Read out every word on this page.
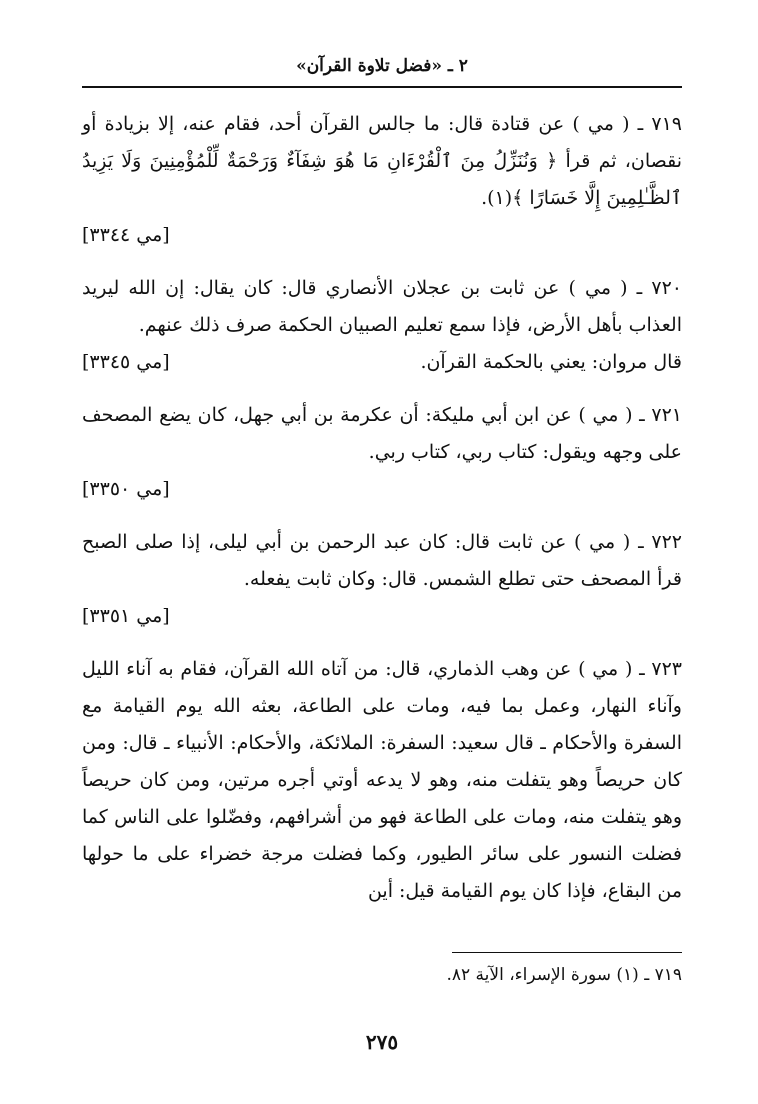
٢ ـ «فضل تلاوة القرآن»

٧١٩ ـ ( مي ) عن قتادة قال: ما جالس القرآن أحد، فقام عنه، إلا بزيادة أو نقصان، ثم قرأ ﴿ وَنُنَزِّلُ مِنَ ٱلْقُرْءَانِ مَا هُوَ شِفَآءٌ وَرَحْمَةٌ لِّلْمُؤْمِنِينَ وَلَا يَزِيدُ ٱلظَّـٰلِمِينَ إِلَّا خَسَارًا ﴾(١).

[مي ٣٣٤٤]

٧٢٠ ـ ( مي ) عن ثابت بن عجلان الأنصاري قال: كان يقال: إن الله ليريد العذاب بأهل الأرض، فإذا سمع تعليم الصبيان الحكمة صرف ذلك عنهم.

قال مروان: يعني بالحكمة القرآن.
[مي ٣٣٤٥]

٧٢١ ـ ( مي ) عن ابن أبي مليكة: أن عكرمة بن أبي جهل، كان يضع المصحف على وجهه ويقول: كتاب ربي، كتاب ربي.

[مي ٣٣٥٠]

٧٢٢ ـ ( مي ) عن ثابت قال: كان عبد الرحمن بن أبي ليلى، إذا صلى الصبح قرأ المصحف حتى تطلع الشمس. قال: وكان ثابت يفعله.

[مي ٣٣٥١]

٧٢٣ ـ ( مي ) عن وهب الذماري، قال: من آتاه الله القرآن، فقام به آناء الليل وآناء النهار، وعمل بما فيه، ومات على الطاعة، بعثه الله يوم القيامة مع السفرة والأحكام ـ قال سعيد: السفرة: الملائكة، والأحكام: الأنبياء ـ قال: ومن كان حريصاً وهو يتفلت منه، وهو لا يدعه أوتي أجره مرتين، ومن كان حريصاً وهو يتفلت منه، ومات على الطاعة فهو من أشرافهم، وفضّلوا على الناس كما فضلت النسور على سائر الطيور، وكما فضلت مرجة خضراء على ما حولها من البقاع، فإذا كان يوم القيامة قيل: أين

٧١٩ ـ (١) سورة الإسراء، الآية ٨٢.
٢٧٥
